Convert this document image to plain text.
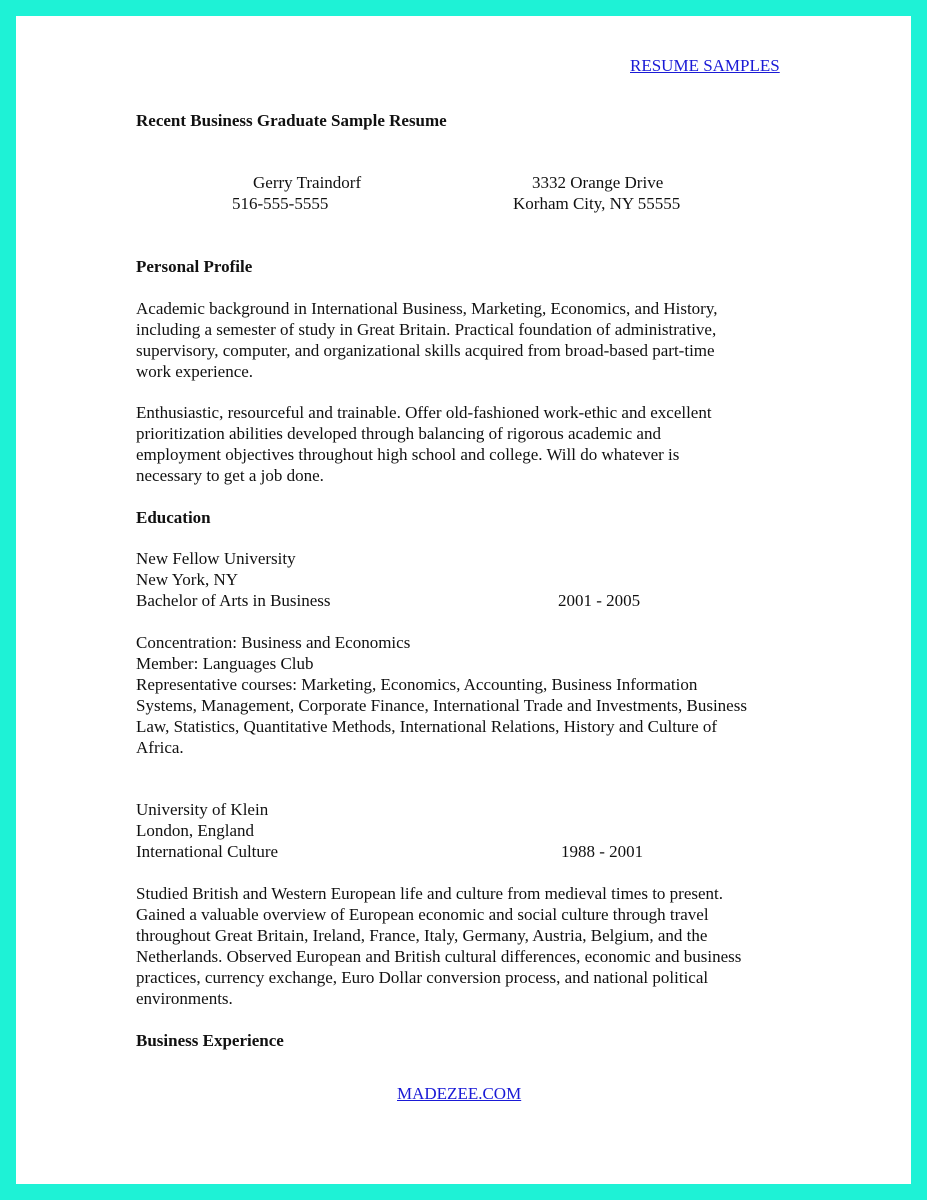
RESUME SAMPLES
Recent Business Graduate Sample Resume
Gerry Traindorf
516-555-5555
3332 Orange Drive
Korham City, NY 55555
Personal Profile
Academic background in International Business, Marketing, Economics, and History,
including a semester of study in Great Britain. Practical foundation of administrative,
supervisory, computer, and organizational skills acquired from broad-based part-time
work experience.
Enthusiastic, resourceful and trainable. Offer old-fashioned work-ethic and excellent
prioritization abilities developed through balancing of rigorous academic and
employment objectives throughout high school and college. Will do whatever is
necessary to get a job done.
Education
New Fellow University
New York, NY
Bachelor of Arts in Business	2001 - 2005
Concentration: Business and Economics
Member: Languages Club
Representative courses: Marketing, Economics, Accounting, Business Information
Systems, Management, Corporate Finance, International Trade and Investments, Business
Law, Statistics, Quantitative Methods, International Relations, History and Culture of
Africa.
University of Klein
London, England
International Culture	1988 - 2001
Studied British and Western European life and culture from medieval times to present.
Gained a valuable overview of European economic and social culture through travel
throughout Great Britain, Ireland, France, Italy, Germany, Austria, Belgium, and the
Netherlands. Observed European and British cultural differences, economic and business
practices, currency exchange, Euro Dollar conversion process, and national political
environments.
Business Experience
MADEZEE.COM
